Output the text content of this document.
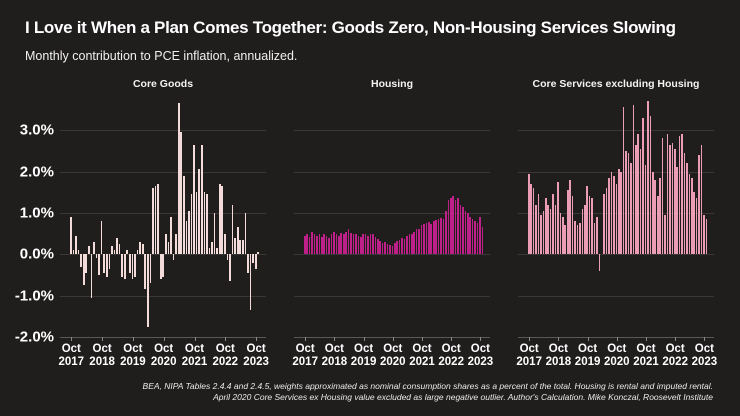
I Love it When a Plan Comes Together: Goods Zero, Non-Housing Services Slowing
Monthly contribution to PCE inflation, annualized.
3.0%
2.0%
1.0%
0.0%
-1.0%
-2.0%
Core Goods
Oct
2017
Oct
2018
Oct
2019
Oct
2020
Oct
2021
Oct
2022
Oct
2023
Housing
Oct
2017
Oct
2018
Oct
2019
Oct
2020
Oct
2021
Oct
2022
Oct
2023
Core Services excluding Housing
Oct
2017
Oct
2018
Oct
2019
Oct
2020
Oct
2021
Oct
2022
Oct
2023
BEA, NIPA Tables 2.4.4 and 2.4.5, weights approximated as nominal consumption shares as a percent of the total. Housing is rental and imputed rental.
April 2020 Core Services ex Housing value excluded as large negative outlier. Author's Calculation. Mike Konczal, Roosevelt Institute
